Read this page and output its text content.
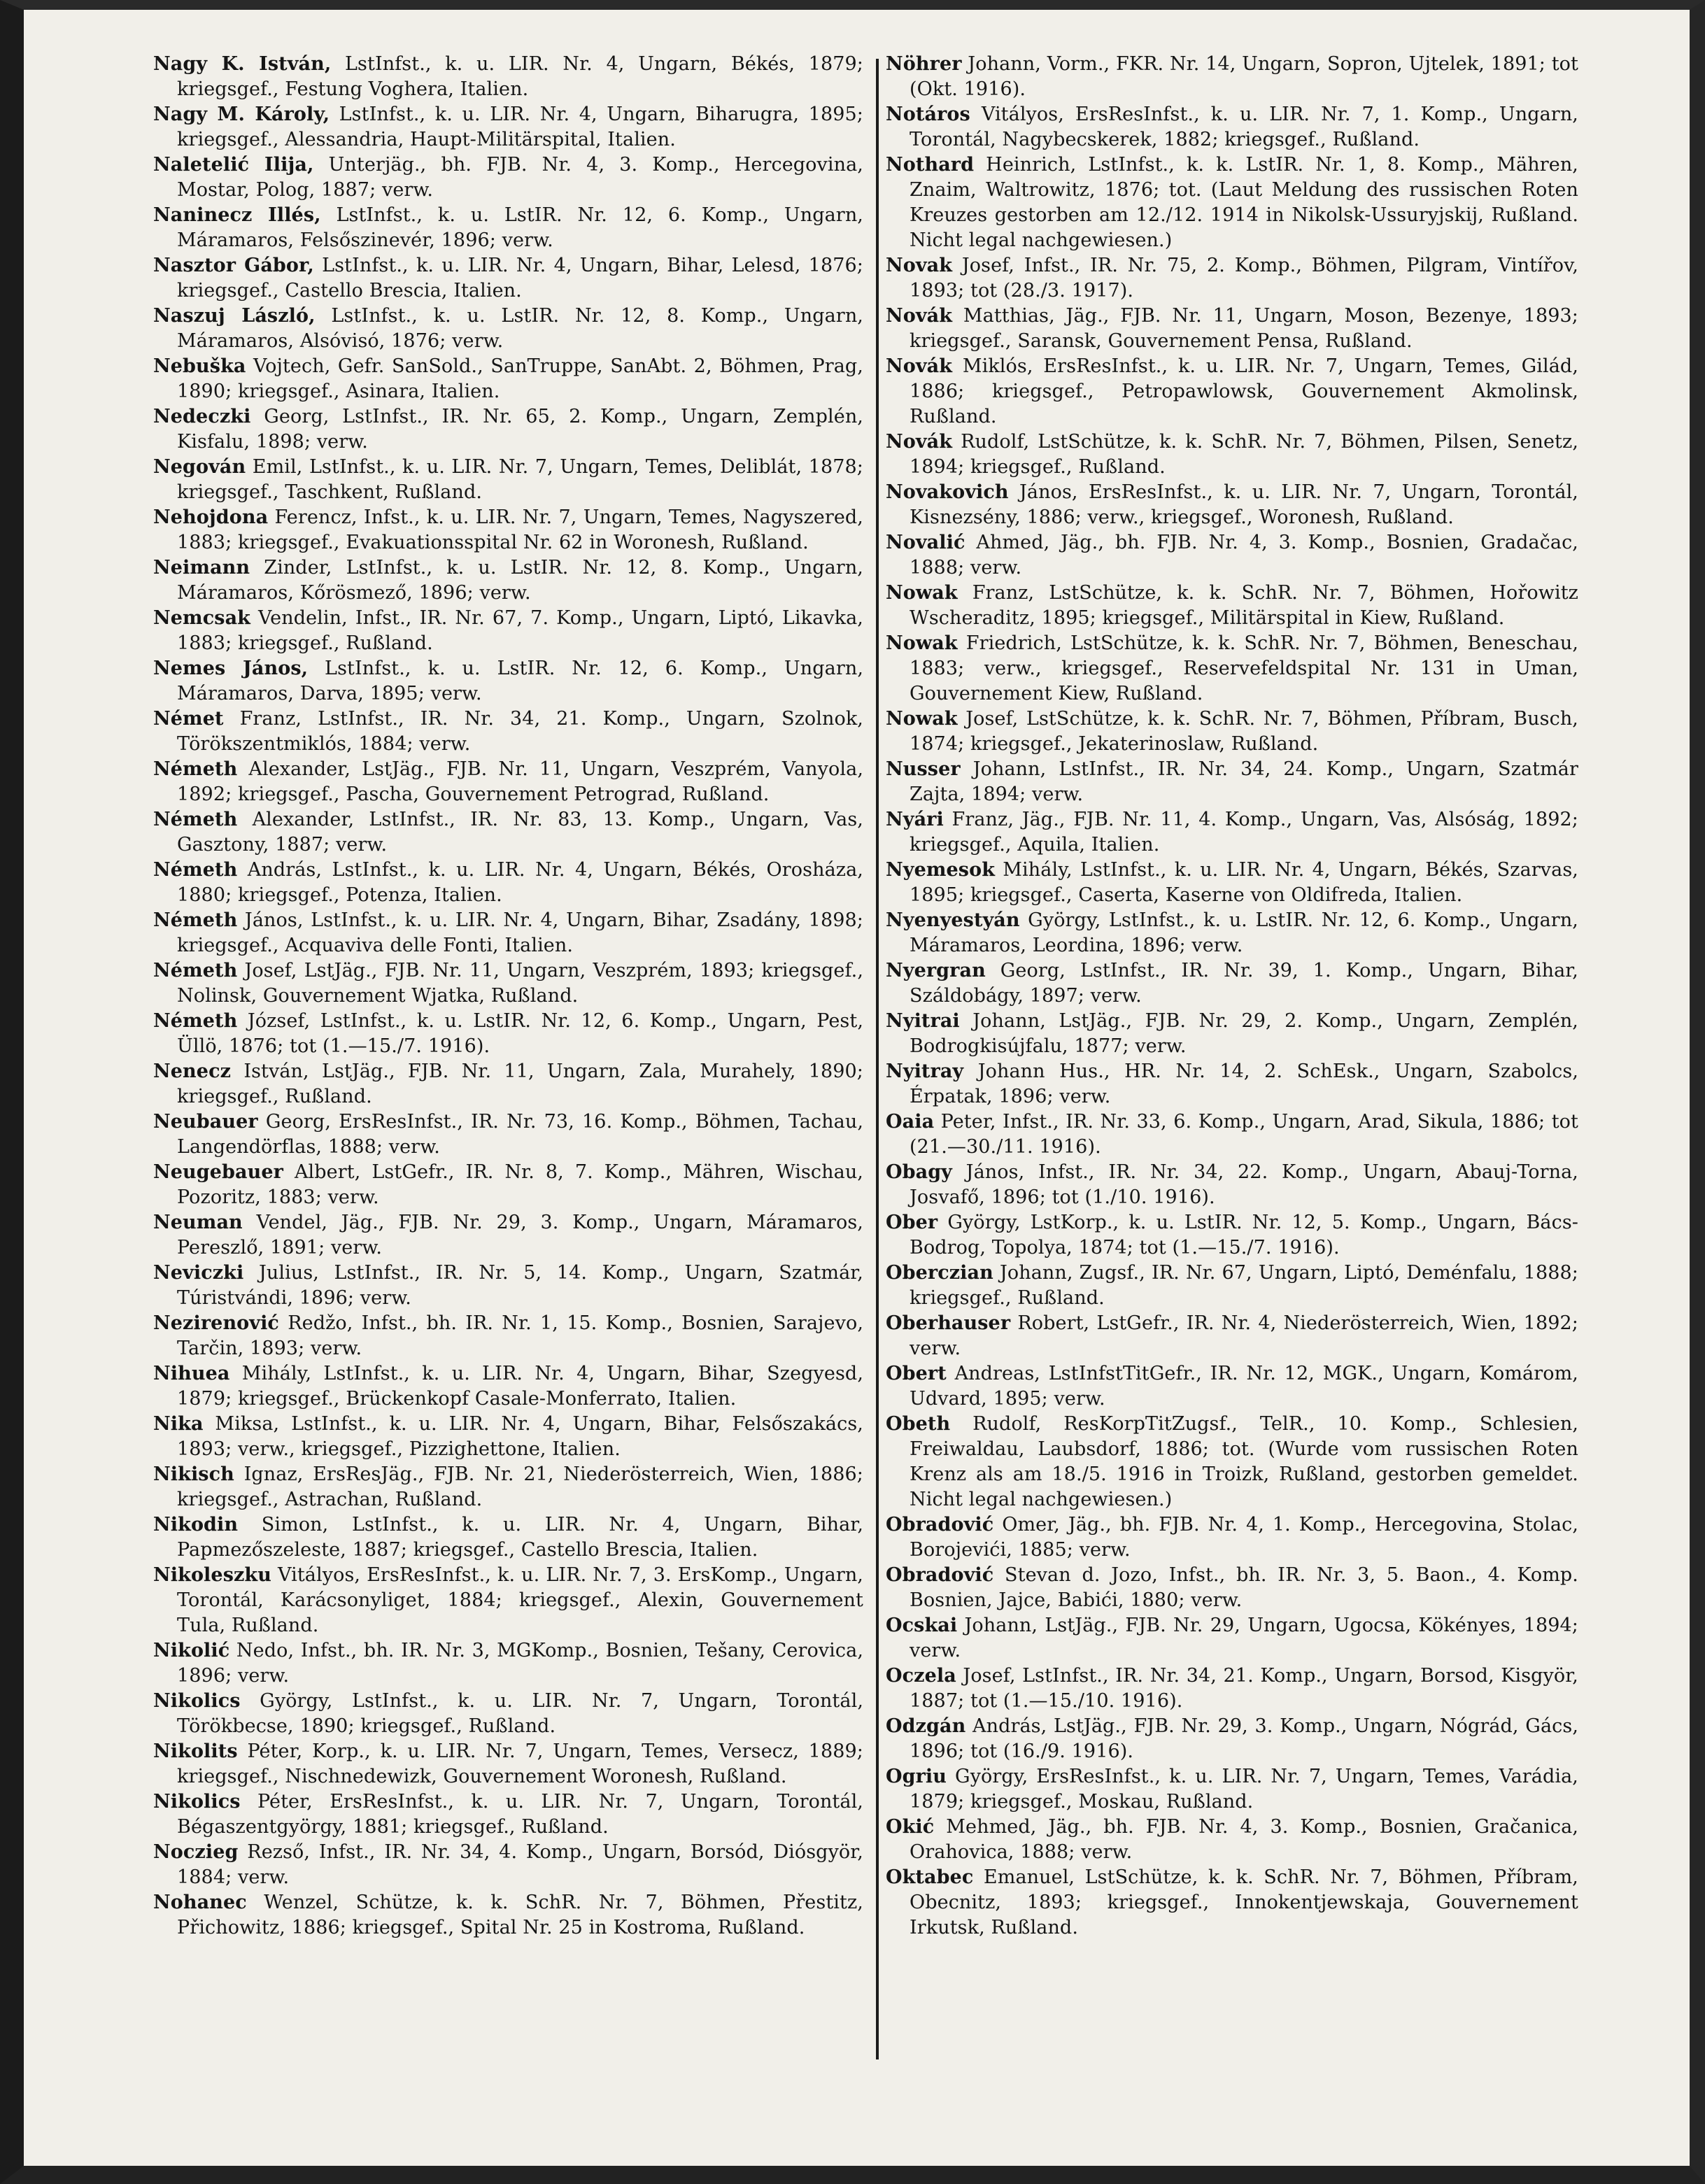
Nagy K. István, LstInfst., k. u. LIR. Nr. 4, Ungarn, Békés, 1879; kriegsgef., Festung Voghera, Italien.

Nagy M. Károly, LstInfst., k. u. LIR. Nr. 4, Ungarn, Biharugra, 1895; kriegsgef., Alessandria, Haupt-Militärspital, Italien.

Naletelić Ilija, Unterjäg., bh. FJB. Nr. 4, 3. Komp., Hercegovina, Mostar, Polog, 1887; verw.

Naninecz Illés, LstInfst., k. u. LstIR. Nr. 12, 6. Komp., Ungarn, Máramaros, Felsőszinevér, 1896; verw.

Nasztor Gábor, LstInfst., k. u. LIR. Nr. 4, Ungarn, Bihar, Lelesd, 1876; kriegsgef., Castello Brescia, Italien.

Naszuj László, LstInfst., k. u. LstIR. Nr. 12, 8. Komp., Ungarn, Máramaros, Alsóvisó, 1876; verw.

Nebuška Vojtech, Gefr. SanSold., SanTruppe, SanAbt. 2, Böhmen, Prag, 1890; kriegsgef., Asinara, Italien.

Nedeczki Georg, LstInfst., IR. Nr. 65, 2. Komp., Ungarn, Zemplén, Kisfalu, 1898; verw.

Negován Emil, LstInfst., k. u. LIR. Nr. 7, Ungarn, Temes, Deliblát, 1878; kriegsgef., Taschkent, Rußland.

Nehojdona Ferencz, Infst., k. u. LIR. Nr. 7, Ungarn, Temes, Nagyszered, 1883; kriegsgef., Evakuationsspital Nr. 62 in Woronesh, Rußland.

Neimann Zinder, LstInfst., k. u. LstIR. Nr. 12, 8. Komp., Ungarn, Máramaros, Kőrösmező, 1896; verw.

Nemcsak Vendelin, Infst., IR. Nr. 67, 7. Komp., Ungarn, Liptó, Likavka, 1883; kriegsgef., Rußland.

Nemes János, LstInfst., k. u. LstIR. Nr. 12, 6. Komp., Ungarn, Máramaros, Darva, 1895; verw.

Német Franz, LstInfst., IR. Nr. 34, 21. Komp., Ungarn, Szolnok, Törökszentmiklós, 1884; verw.

Németh Alexander, LstJäg., FJB. Nr. 11, Ungarn, Veszprém, Vanyola, 1892; kriegsgef., Pascha, Gouvernement Petrograd, Rußland.

Németh Alexander, LstInfst., IR. Nr. 83, 13. Komp., Ungarn, Vas, Gasztony, 1887; verw.

Németh András, LstInfst., k. u. LIR. Nr. 4, Ungarn, Békés, Orosháza, 1880; kriegsgef., Potenza, Italien.

Németh János, LstInfst., k. u. LIR. Nr. 4, Ungarn, Bihar, Zsadány, 1898; kriegsgef., Acquaviva delle Fonti, Italien.

Németh Josef, LstJäg., FJB. Nr. 11, Ungarn, Veszprém, 1893; kriegsgef., Nolinsk, Gouvernement Wjatka, Rußland.

Németh József, LstInfst., k. u. LstIR. Nr. 12, 6. Komp., Ungarn, Pest, Üllö, 1876; tot (1.—15./7. 1916).

Nenecz István, LstJäg., FJB. Nr. 11, Ungarn, Zala, Murahely, 1890; kriegsgef., Rußland.

Neubauer Georg, ErsResInfst., IR. Nr. 73, 16. Komp., Böhmen, Tachau, Langendörflas, 1888; verw.

Neugebauer Albert, LstGefr., IR. Nr. 8, 7. Komp., Mähren, Wischau, Pozoritz, 1883; verw.

Neuman Vendel, Jäg., FJB. Nr. 29, 3. Komp., Ungarn, Máramaros, Pereszlő, 1891; verw.

Neviczki Julius, LstInfst., IR. Nr. 5, 14. Komp., Ungarn, Szatmár, Túristvándi, 1896; verw.

Nezirenović Redžo, Infst., bh. IR. Nr. 1, 15. Komp., Bosnien, Sarajevo, Tarčin, 1893; verw.

Nihuea Mihály, LstInfst., k. u. LIR. Nr. 4, Ungarn, Bihar, Szegyesd, 1879; kriegsgef., Brückenkopf Casale-Monferrato, Italien.

Nika Miksa, LstInfst., k. u. LIR. Nr. 4, Ungarn, Bihar, Felsőszakács, 1893; verw., kriegsgef., Pizzighettone, Italien.

Nikisch Ignaz, ErsResJäg., FJB. Nr. 21, Niederösterreich, Wien, 1886; kriegsgef., Astrachan, Rußland.

Nikodin Simon, LstInfst., k. u. LIR. Nr. 4, Ungarn, Bihar, Papmezőszeleste, 1887; kriegsgef., Castello Brescia, Italien.

Nikoleszku Vitályos, ErsResInfst., k. u. LIR. Nr. 7, 3. ErsKomp., Ungarn, Torontál, Karácsonyliget, 1884; kriegsgef., Alexin, Gouvernement Tula, Rußland.

Nikolić Nedo, Infst., bh. IR. Nr. 3, MGKomp., Bosnien, Tešany, Cerovica, 1896; verw.

Nikolics György, LstInfst., k. u. LIR. Nr. 7, Ungarn, Torontál, Törökbecse, 1890; kriegsgef., Rußland.

Nikolits Péter, Korp., k. u. LIR. Nr. 7, Ungarn, Temes, Versecz, 1889; kriegsgef., Nischnedewizk, Gouvernement Woronesh, Rußland.

Nikolics Péter, ErsResInfst., k. u. LIR. Nr. 7, Ungarn, Torontál, Bégaszentgyörgy, 1881; kriegsgef., Rußland.

Noczieg Rezső, Infst., IR. Nr. 34, 4. Komp., Ungarn, Borsód, Diósgyör, 1884; verw.

Nohanec Wenzel, Schütze, k. k. SchR. Nr. 7, Böhmen, Přestitz, Přichowitz, 1886; kriegsgef., Spital Nr. 25 in Kostroma, Rußland.

Nöhrer Johann, Vorm., FKR. Nr. 14, Ungarn, Sopron, Ujtelek, 1891; tot (Okt. 1916).

Notáros Vitályos, ErsResInfst., k. u. LIR. Nr. 7, 1. Komp., Ungarn, Torontál, Nagybecskerek, 1882; kriegsgef., Rußland.

Nothard Heinrich, LstInfst., k. k. LstIR. Nr. 1, 8. Komp., Mähren, Znaim, Waltrowitz, 1876; tot. (Laut Meldung des russischen Roten Kreuzes gestorben am 12./12. 1914 in Nikolsk-Ussuryjskij, Rußland. Nicht legal nachgewiesen.)

Novak Josef, Infst., IR. Nr. 75, 2. Komp., Böhmen, Pilgram, Vintířov, 1893; tot (28./3. 1917).

Novák Matthias, Jäg., FJB. Nr. 11, Ungarn, Moson, Bezenye, 1893; kriegsgef., Saransk, Gouvernement Pensa, Rußland.

Novák Miklós, ErsResInfst., k. u. LIR. Nr. 7, Ungarn, Temes, Gilád, 1886; kriegsgef., Petropawlowsk, Gouvernement Akmolinsk, Rußland.

Novák Rudolf, LstSchütze, k. k. SchR. Nr. 7, Böhmen, Pilsen, Senetz, 1894; kriegsgef., Rußland.

Novakovich János, ErsResInfst., k. u. LIR. Nr. 7, Ungarn, Torontál, Kisnezsény, 1886; verw., kriegsgef., Woronesh, Rußland.

Novalić Ahmed, Jäg., bh. FJB. Nr. 4, 3. Komp., Bosnien, Gradačac, 1888; verw.

Nowak Franz, LstSchütze, k. k. SchR. Nr. 7, Böhmen, Hořowitz Wscheraditz, 1895; kriegsgef., Militärspital in Kiew, Rußland.

Nowak Friedrich, LstSchütze, k. k. SchR. Nr. 7, Böhmen, Beneschau, 1883; verw., kriegsgef., Reservefeldspital Nr. 131 in Uman, Gouvernement Kiew, Rußland.

Nowak Josef, LstSchütze, k. k. SchR. Nr. 7, Böhmen, Příbram, Busch, 1874; kriegsgef., Jekaterinoslaw, Rußland.

Nusser Johann, LstInfst., IR. Nr. 34, 24. Komp., Ungarn, Szatmár Zajta, 1894; verw.

Nyári Franz, Jäg., FJB. Nr. 11, 4. Komp., Ungarn, Vas, Alsóság, 1892; kriegsgef., Aquila, Italien.

Nyemesok Mihály, LstInfst., k. u. LIR. Nr. 4, Ungarn, Békés, Szarvas, 1895; kriegsgef., Caserta, Kaserne von Oldifreda, Italien.

Nyenyestyán György, LstInfst., k. u. LstIR. Nr. 12, 6. Komp., Ungarn, Máramaros, Leordina, 1896; verw.

Nyergran Georg, LstInfst., IR. Nr. 39, 1. Komp., Ungarn, Bihar, Száldobágy, 1897; verw.

Nyitrai Johann, LstJäg., FJB. Nr. 29, 2. Komp., Ungarn, Zemplén, Bodrogkisújfalu, 1877; verw.

Nyitray Johann Hus., HR. Nr. 14, 2. SchEsk., Ungarn, Szabolcs, Érpatak, 1896; verw.

Oaia Peter, Infst., IR. Nr. 33, 6. Komp., Ungarn, Arad, Sikula, 1886; tot (21.—30./11. 1916).

Obagy János, Infst., IR. Nr. 34, 22. Komp., Ungarn, Abauj-Torna, Josvafő, 1896; tot (1./10. 1916).

Ober György, LstKorp., k. u. LstIR. Nr. 12, 5. Komp., Ungarn, Bács-Bodrog, Topolya, 1874; tot (1.—15./7. 1916).

Oberczian Johann, Zugsf., IR. Nr. 67, Ungarn, Liptó, Deménfalu, 1888; kriegsgef., Rußland.

Oberhauser Robert, LstGefr., IR. Nr. 4, Niederösterreich, Wien, 1892; verw.

Obert Andreas, LstInfstTitGefr., IR. Nr. 12, MGK., Ungarn, Komárom, Udvard, 1895; verw.

Obeth Rudolf, ResKorpTitZugsf., TelR., 10. Komp., Schlesien, Freiwaldau, Laubsdorf, 1886; tot. (Wurde vom russischen Roten Krenz als am 18./5. 1916 in Troizk, Rußland, gestorben gemeldet. Nicht legal nachgewiesen.)

Obradović Omer, Jäg., bh. FJB. Nr. 4, 1. Komp., Hercegovina, Stolac, Borojevići, 1885; verw.

Obradović Stevan d. Jozo, Infst., bh. IR. Nr. 3, 5. Baon., 4. Komp. Bosnien, Jajce, Babići, 1880; verw.

Ocskai Johann, LstJäg., FJB. Nr. 29, Ungarn, Ugocsa, Kökényes, 1894; verw.

Oczela Josef, LstInfst., IR. Nr. 34, 21. Komp., Ungarn, Borsod, Kisgyör, 1887; tot (1.—15./10. 1916).

Odzgán András, LstJäg., FJB. Nr. 29, 3. Komp., Ungarn, Nógrád, Gács, 1896; tot (16./9. 1916).

Ogriu György, ErsResInfst., k. u. LIR. Nr. 7, Ungarn, Temes, Varádia, 1879; kriegsgef., Moskau, Rußland.

Okić Mehmed, Jäg., bh. FJB. Nr. 4, 3. Komp., Bosnien, Gračanica, Orahovica, 1888; verw.

Oktabec Emanuel, LstSchütze, k. k. SchR. Nr. 7, Böhmen, Příbram, Obecnitz, 1893; kriegsgef., Innokentjewskaja, Gouvernement Irkutsk, Rußland.
